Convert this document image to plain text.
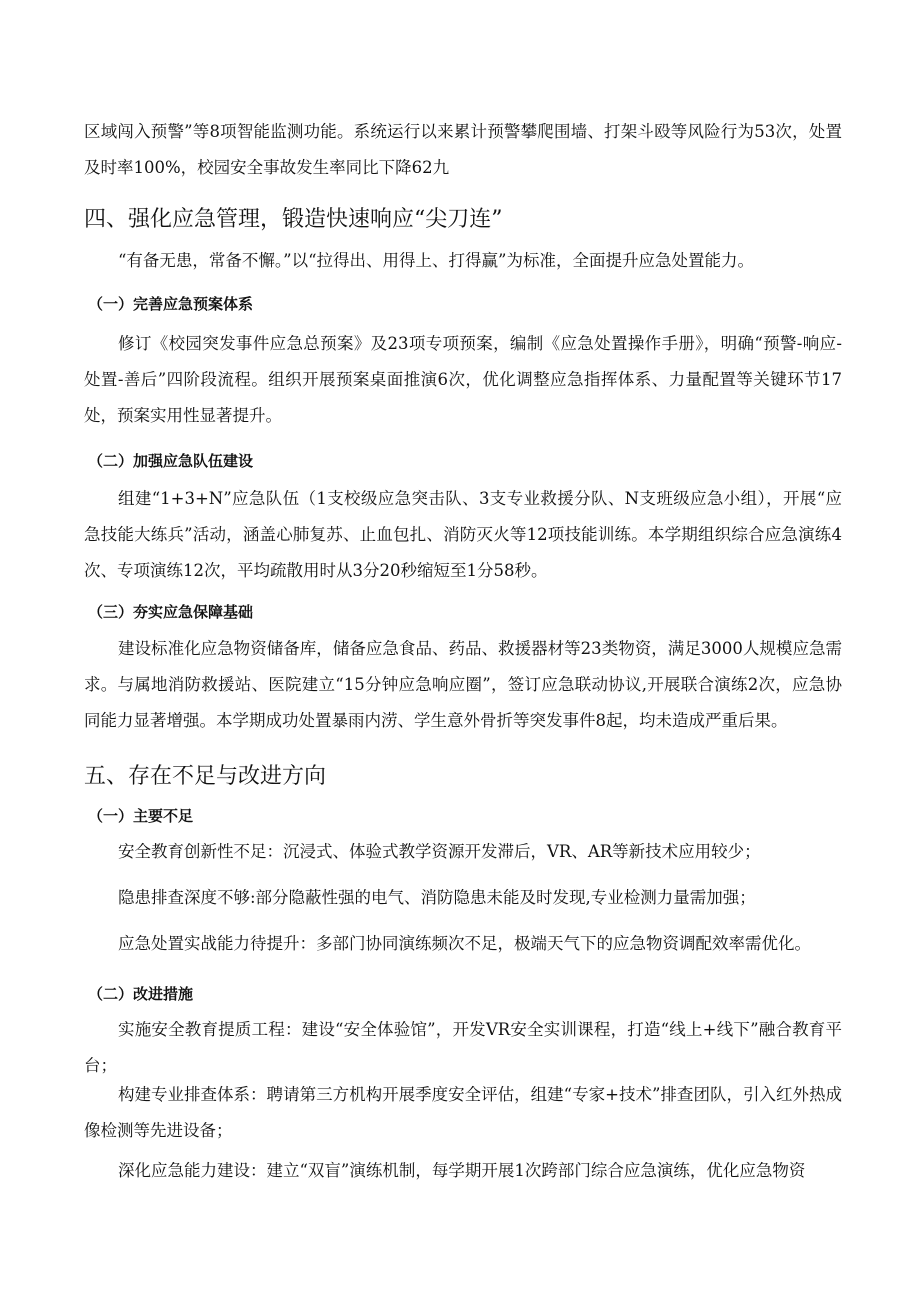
区域闯入预警”等8项智能监测功能。系统运行以来累计预警攀爬围墙、打架斗殴等风险行为53次，处置及时率100%，校园安全事故发生率同比下降62九

四、强化应急管理，锻造快速响应“尖刀连”

“有备无患，常备不懈。”以“拉得出、用得上、打得赢”为标准，全面提升应急处置能力。

（一）完善应急预案体系

修订《校园突发事件应急总预案》及23项专项预案，编制《应急处置操作手册》，明确“预警-响应-处置-善后”四阶段流程。组织开展预案桌面推演6次，优化调整应急指挥体系、力量配置等关键环节17处，预案实用性显著提升。

（二）加强应急队伍建设

组建“1+3+N”应急队伍（1支校级应急突击队、3支专业救援分队、N支班级应急小组），开展“应急技能大练兵”活动，涵盖心肺复苏、止血包扎、消防灭火等12项技能训练。本学期组织综合应急演练4次、专项演练12次，平均疏散用时从3分20秒缩短至1分58秒。

（三）夯实应急保障基础

建设标准化应急物资储备库，储备应急食品、药品、救援器材等23类物资，满足3000人规模应急需求。与属地消防救援站、医院建立“15分钟应急响应圈”，签订应急联动协议,开展联合演练2次，应急协同能力显著增强。本学期成功处置暴雨内涝、学生意外骨折等突发事件8起，均未造成严重后果。

五、存在不足与改进方向
（一）主要不足

安全教育创新性不足：沉浸式、体验式教学资源开发滞后，VR、AR等新技术应用较少；

隐患排查深度不够:部分隐蔽性强的电气、消防隐患未能及时发现,专业检测力量需加强；

应急处置实战能力待提升：多部门协同演练频次不足，极端天气下的应急物资调配效率需优化。

（二）改进措施

实施安全教育提质工程：建设“安全体验馆”，开发VR安全实训课程，打造“线上+线下”融合教育平台；

构建专业排查体系：聘请第三方机构开展季度安全评估，组建“专家+技术”排查团队，引入红外热成像检测等先进设备；

深化应急能力建设：建立“双盲”演练机制，每学期开展1次跨部门综合应急演练，优化应急物资
